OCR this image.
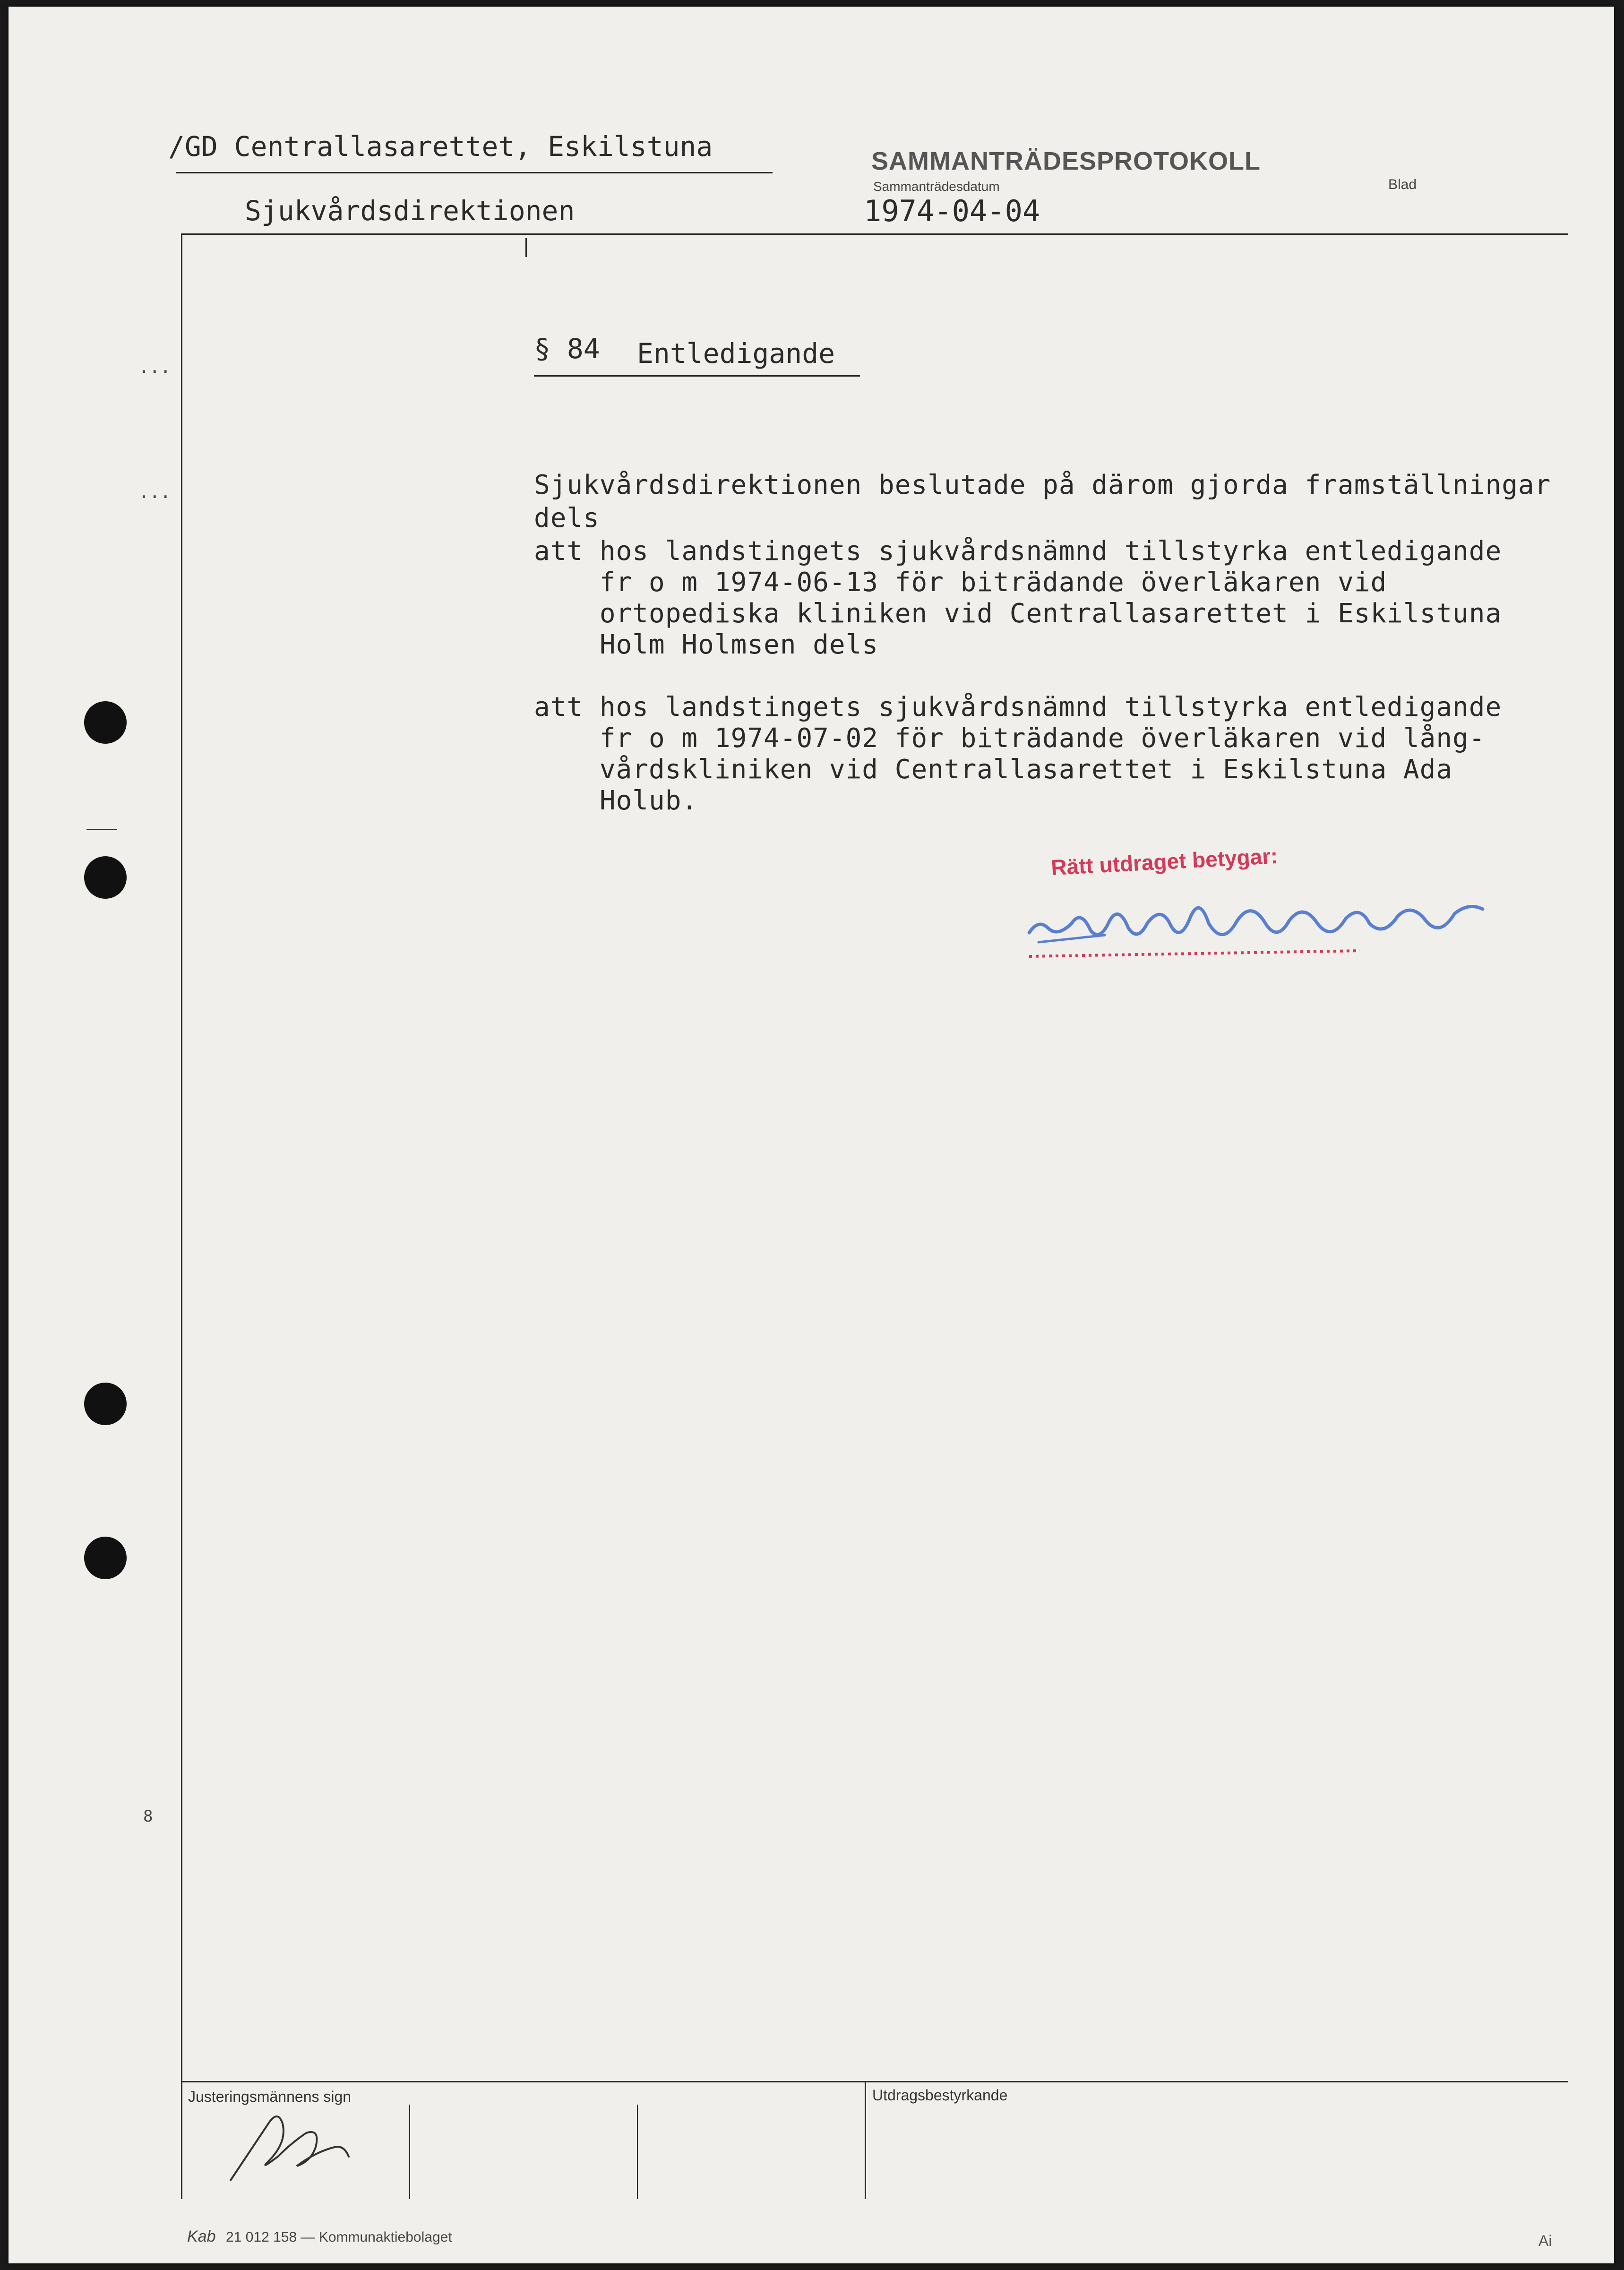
/GD Centrallasarettet, Eskilstuna	SAMMANTRÄDESPROTOKOLL
Sammanträdesdatum	Blad
Sjukvårdsdirektionen	1974-04-04
§ 84 Entledigande
Sjukvårdsdirektionen beslutade på därom gjorda framställningar
dels
att hos landstingets sjukvårdsnämnd tillstyrka entledigande
fr o m 1974-06-13 för biträdande överläkaren vid
ortopediska kliniken vid Centrallasarettet i Eskilstuna
Holm Holmsen dels
att hos landstingets sjukvårdsnämnd tillstyrka entledigande
fr o m 1974-07-02 för biträdande överläkaren vid lång-
vårdskliniken vid Centrallasarettet i Eskilstuna Ada
Holub.
Rätt utdraget betygar:
Justeringsmännens sign	Utdragsbestyrkande
Kab 21 012 158 — Kommunaktiebolaget	Ai
...
...
8
